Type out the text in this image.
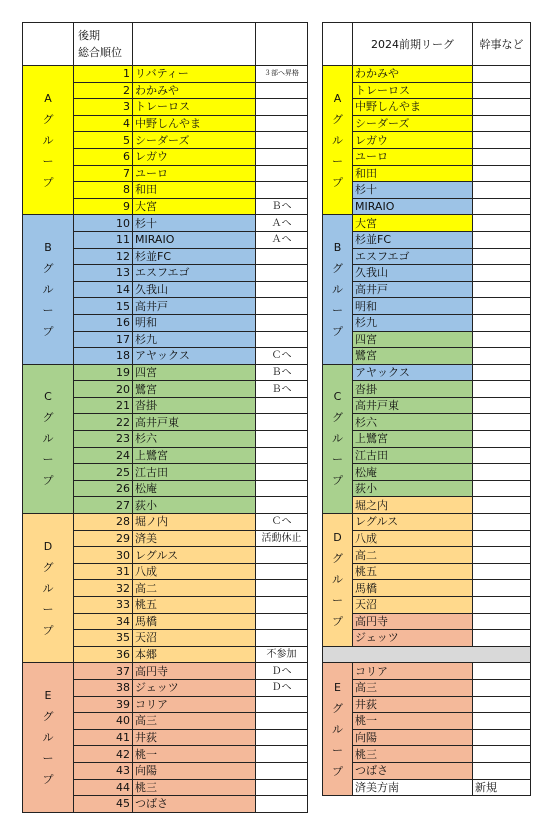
	後期
総合順位		

A
グ
ル
ー
プ	1	リバティー	３部へ昇格
	2	わかみや	
	3	トレーロス	
	4	中野しんやま	
	5	シーダーズ	
	6	レガウ	
	7	ユーロ	
	8	和田	
	9	大宮	Ｂへ

B
グ
ル
ー
プ	10	杉十	Ａへ
	11	MIRAIO	Ａへ
	12	杉並FC	
	13	エスフエゴ	
	14	久我山	
	15	高井戸	
	16	明和	
	17	杉九	
	18	アヤックス	Ｃへ

C
グ
ル
ー
プ	19	四宮	Ｂへ
	20	鷺宮	Ｂへ
	21	沓掛	
	22	高井戸東	
	23	杉六	
	24	上鷺宮	
	25	江古田	
	26	松庵	
	27	荻小	

D
グ
ル
ー
プ	28	堀ノ内	Ｃへ
	29	済美	活動休止
	30	レグルス	
	31	八成	
	32	高二	
	33	桃五	
	34	馬橋	
	35	天沼	
	36	本郷	不参加

E
グ
ル
ー
プ	37	高円寺	Ｄへ
	38	ジェッツ	Ｄへ
	39	コリア	
	40	高三	
	41	井荻	
	42	桃一	
	43	向陽	
	44	桃三	
	45	つばさ	
	2024前期リーグ	幹事など

A
グ
ル
ー
プ	わかみや	
	トレーロス	
	中野しんやま	
	シーダーズ	
	レガウ	
	ユーロ	
	和田	
	杉十	
	MIRAIO	

B
グ
ル
ー
プ	大宮	
	杉並FC	
	エスフエゴ	
	久我山	
	高井戸	
	明和	
	杉九	
	四宮	
	鷺宮	

C
グ
ル
ー
プ	アヤックス	
	沓掛	
	高井戸東	
	杉六	
	上鷺宮	
	江古田	
	松庵	
	荻小	
	堀之内	

D
グ
ル
ー
プ	レグルス	
	八成	
	高二	
	桃五	
	馬橋	
	天沼	
	高円寺	
	ジェッツ	

E
グ
ル
ー
プ	コリア	
	高三	
	井荻	
	桃一	
	向陽	
	桃三	
	つばさ	
	済美方南	新規
